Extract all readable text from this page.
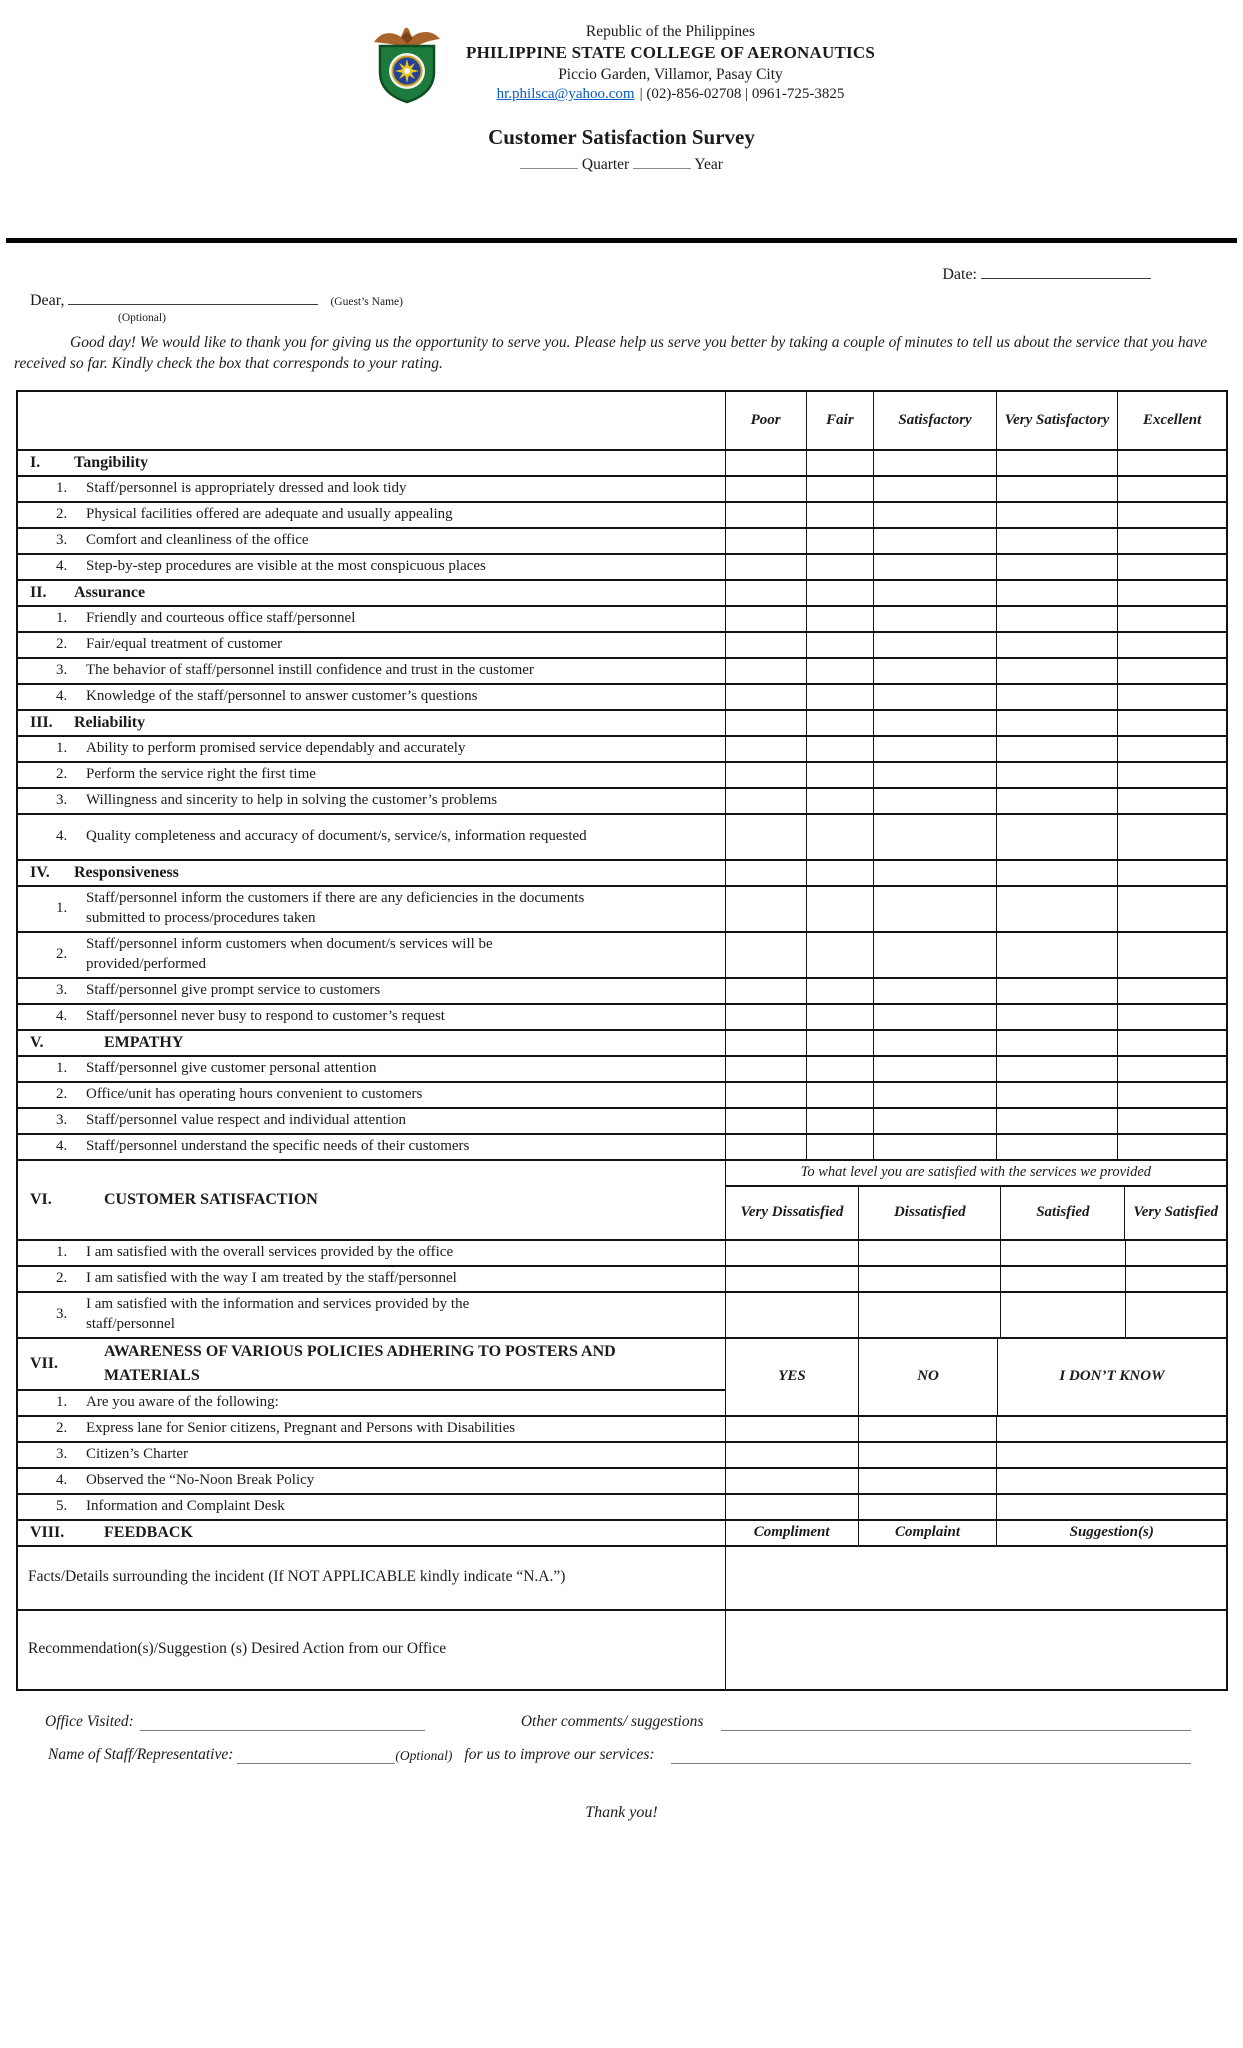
Republic of the Philippines
PHILIPPINE STATE COLLEGE OF AERONAUTICS
Piccio Garden, Villamor, Pasay City
hr.philsca@yahoo.com | (02)-856-02708 | 0961-725-3825
Customer Satisfaction Survey
Quarter	Year
Date:
Dear,	(Guest’s Name)
(Optional)

Good day! We would like to thank you for giving us the opportunity to serve you. Please help us serve you better by taking a couple of minutes to tell us about the service that you have received so far. Kindly check the box that corresponds to your rating.

Poor	Fair	Satisfactory	Very Satisfactory	Excellent
I.	Tangibility
1.	Staff/personnel is appropriately dressed and look tidy
2.	Physical facilities offered are adequate and usually appealing
3.	Comfort and cleanliness of the office
4.	Step-by-step procedures are visible at the most conspicuous places
II.	Assurance
1.	Friendly and courteous office staff/personnel
2.	Fair/equal treatment of customer
3.	The behavior of staff/personnel instill confidence and trust in the customer
4.	Knowledge of the staff/personnel to answer customer’s questions
III.	Reliability
1.	Ability to perform promised service dependably and accurately
2.	Perform the service right the first time
3.	Willingness and sincerity to help in solving the customer’s problems
4.	Quality completeness and accuracy of document/s, service/s, information requested
IV.	Responsiveness
1.
Staff/personnel inform the customers if there are any deficiencies in the documents submitted to process/procedures taken
2.
Staff/personnel inform customers when document/s services will be provided/performed
3.	Staff/personnel give prompt service to customers
4.	Staff/personnel never busy to respond to customer’s request
V.	EMPATHY
1.	Staff/personnel give customer personal attention
2.	Office/unit has operating hours convenient to customers
3.	Staff/personnel value respect and individual attention
4.	Staff/personnel understand the specific needs of their customers
VI.	CUSTOMER SATISFACTION
To what level you are satisfied with the services we provided
Very Dissatisfied	Dissatisfied	Satisfied	Very Satisfied
1.	I am satisfied with the overall services provided by the office
2.	I am satisfied with the way I am treated by the staff/personnel
3.
I am satisfied with the information and services provided by the staff/personnel
VII.
AWARENESS OF VARIOUS POLICIES ADHERING TO POSTERS AND MATERIALS
1.	Are you aware of the following:
YES	NO	I DON’T KNOW
2.	Express lane for Senior citizens, Pregnant and Persons with Disabilities
3.	Citizen’s Charter
4.	Observed the “No-Noon Break Policy
5.	Information and Complaint Desk
VIII.	FEEDBACK	Compliment	Complaint	Suggestion(s)
Facts/Details surrounding the incident (If NOT APPLICABLE kindly indicate “N.A.”)
Recommendation(s)/Suggestion (s) Desired Action from our Office
Office Visited:	Other comments/ suggestions
Name of Staff/Representative:	(Optional) for us to improve our services:
Thank you!
